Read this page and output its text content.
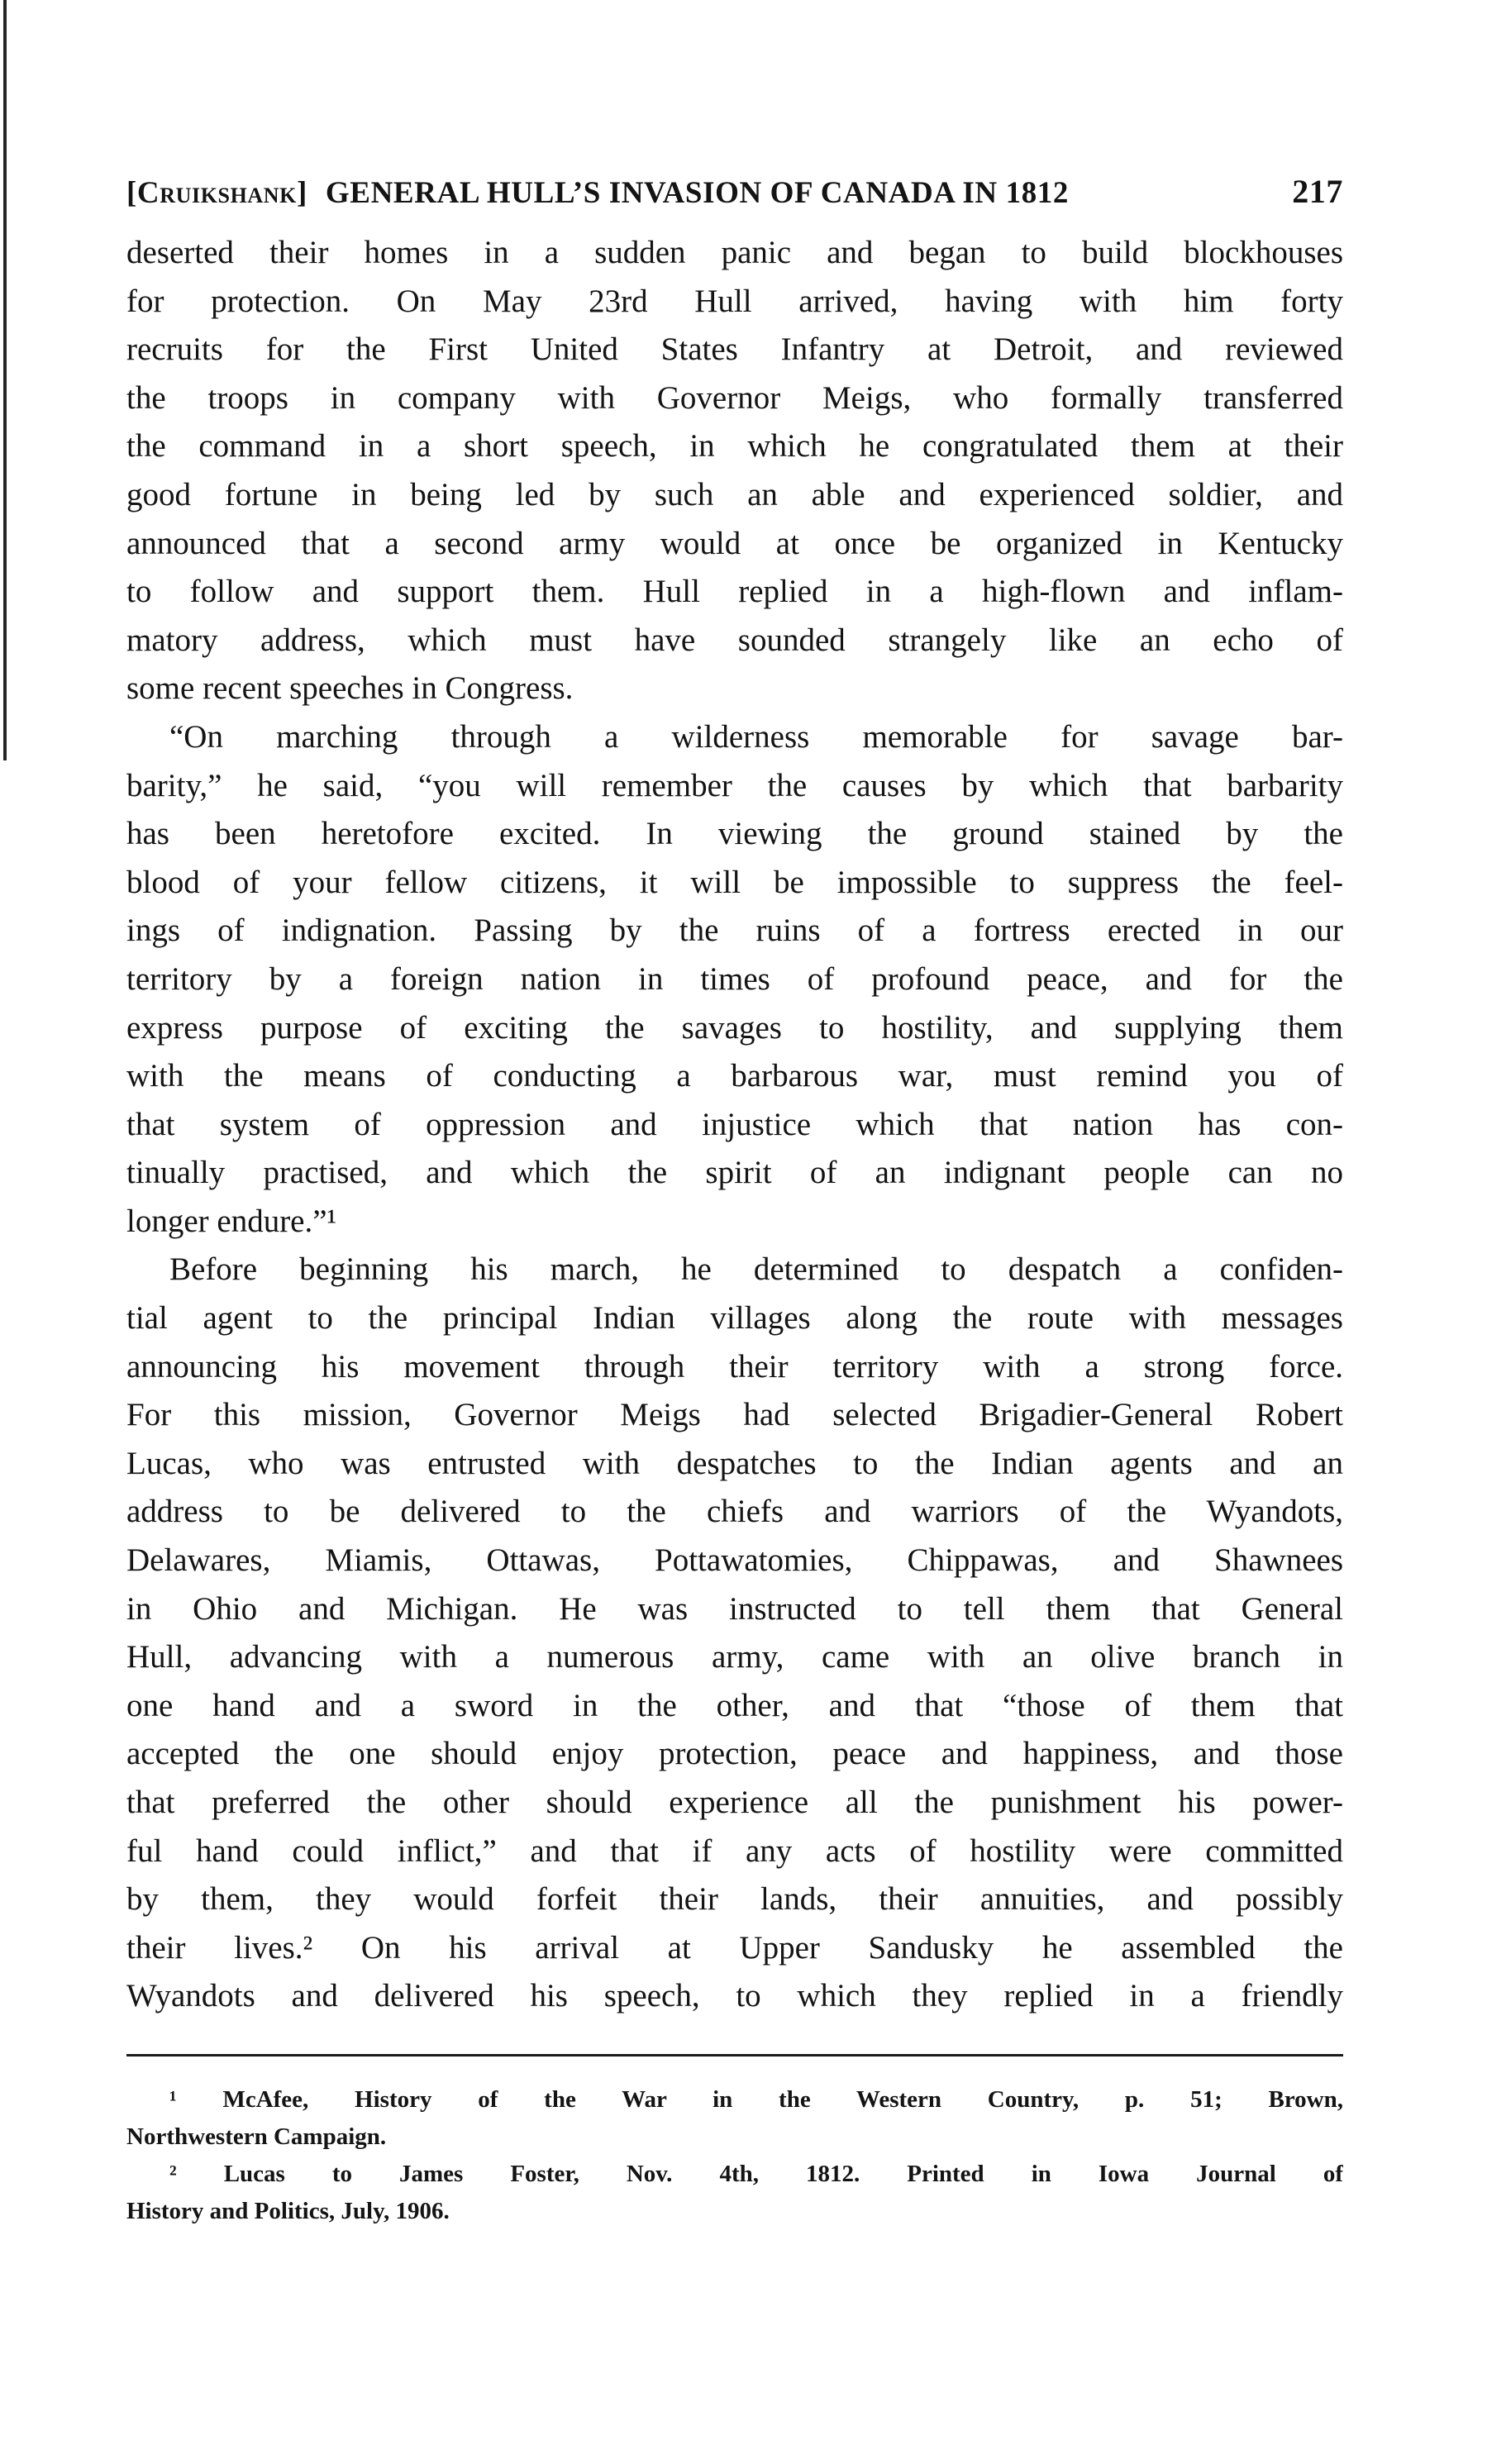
[Cruikshank] GENERAL HULL’S INVASION OF CANADA IN 1812	217

deserted their homes in a sudden panic and began to build blockhouses

for protection. On May 23rd Hull arrived, having with him forty

recruits for the First United States Infantry at Detroit, and reviewed

the troops in company with Governor Meigs, who formally transferred

the command in a short speech, in which he congratulated them at their

good fortune in being led by such an able and experienced soldier, and

announced that a second army would at once be organized in Kentucky

to follow and support them. Hull replied in a high-flown and inflam-

matory address, which must have sounded strangely like an echo of

some recent speeches in Congress.

“On marching through a wilderness memorable for savage bar-

barity,” he said, “you will remember the causes by which that barbarity

has been heretofore excited. In viewing the ground stained by the

blood of your fellow citizens, it will be impossible to suppress the feel-

ings of indignation. Passing by the ruins of a fortress erected in our

territory by a foreign nation in times of profound peace, and for the

express purpose of exciting the savages to hostility, and supplying them

with the means of conducting a barbarous war, must remind you of

that system of oppression and injustice which that nation has con-

tinually practised, and which the spirit of an indignant people can no

longer endure.”¹

Before beginning his march, he determined to despatch a confiden-

tial agent to the principal Indian villages along the route with messages

announcing his movement through their territory with a strong force.

For this mission, Governor Meigs had selected Brigadier-General Robert

Lucas, who was entrusted with despatches to the Indian agents and an

address to be delivered to the chiefs and warriors of the Wyandots,

Delawares, Miamis, Ottawas, Pottawatomies, Chippawas, and Shawnees

in Ohio and Michigan. He was instructed to tell them that General

Hull, advancing with a numerous army, came with an olive branch in

one hand and a sword in the other, and that “those of them that

accepted the one should enjoy protection, peace and happiness, and those

that preferred the other should experience all the punishment his power-

ful hand could inflict,” and that if any acts of hostility were committed

by them, they would forfeit their lands, their annuities, and possibly

their lives.² On his arrival at Upper Sandusky he assembled the

Wyandots and delivered his speech, to which they replied in a friendly

¹ McAfee, History of the War in the Western Country, p. 51; Brown,

Northwestern Campaign.

² Lucas to James Foster, Nov. 4th, 1812. Printed in Iowa Journal of

History and Politics, July, 1906.
